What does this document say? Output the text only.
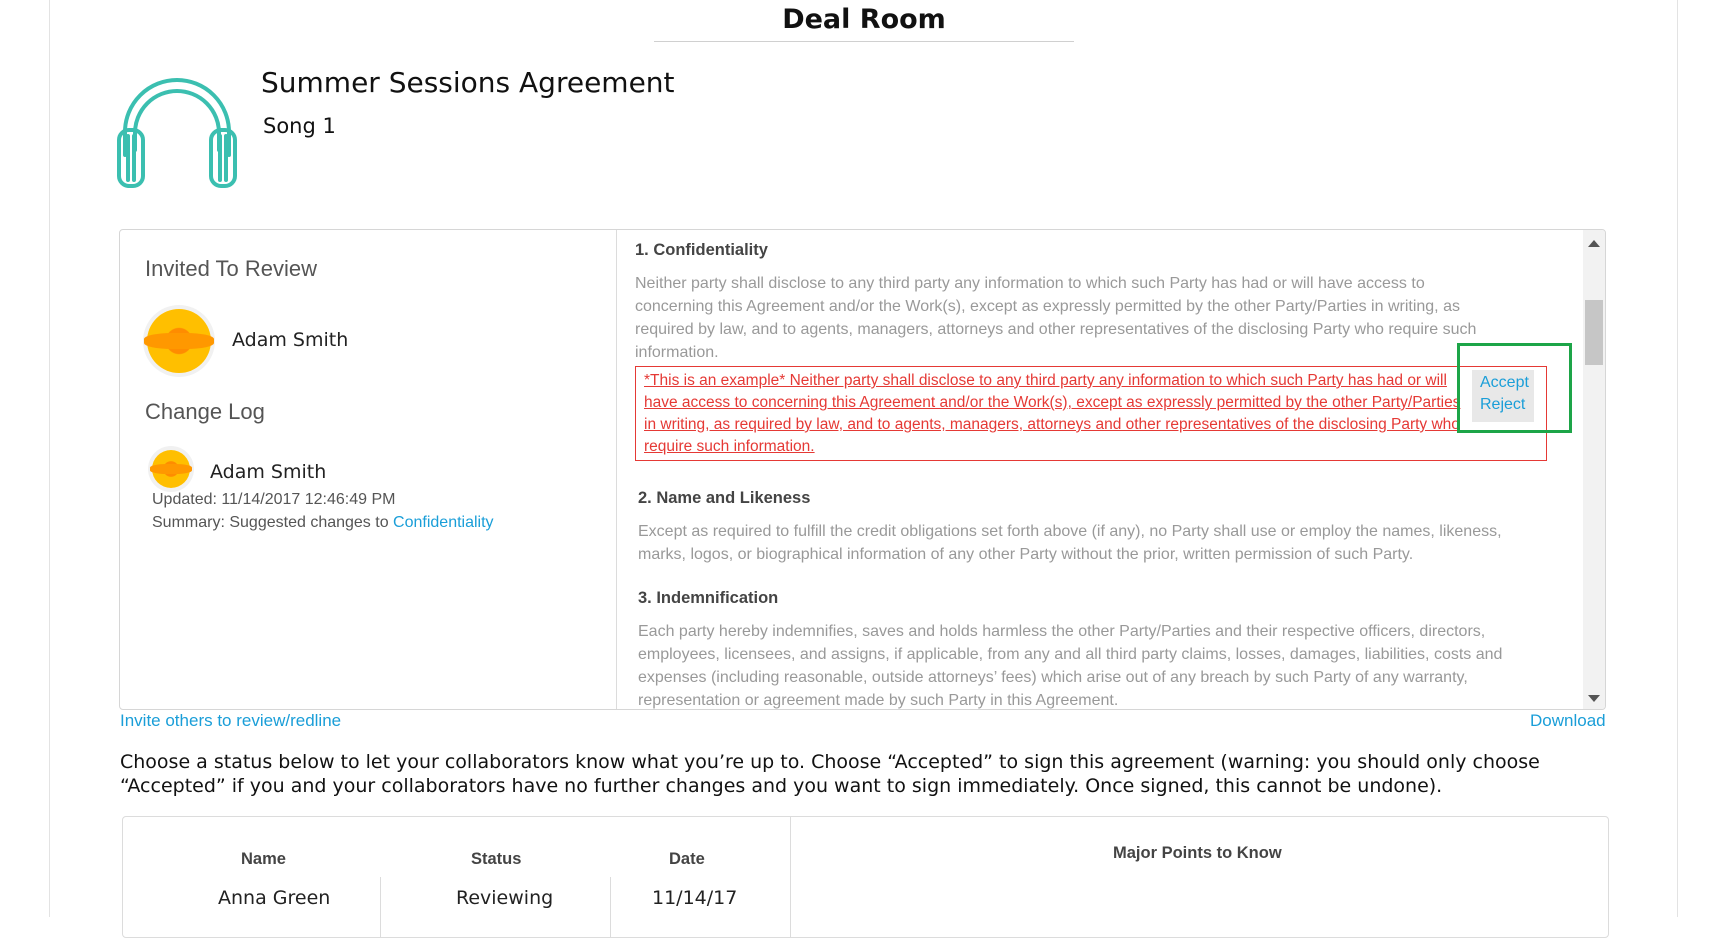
Deal Room
Summer Sessions Agreement
Song 1
Invited To Review
Adam Smith
Change Log
Adam Smith
Updated: 11/14/2017 12:46:49 PM
Summary: Suggested changes to Confidentiality
1. Confidentiality
Neither party shall disclose to any third party any information to which such Party has had or will have access to concerning this Agreement and/or the Work(s), except as expressly permitted by the other Party/Parties in writing, as required by law, and to agents, managers, attorneys and other representatives of the disclosing Party who require such information.
*This is an example* Neither party shall disclose to any third party any information to which such Party has had or will have access to concerning this Agreement and/or the Work(s), except as expressly permitted by the other Party/Parties in writing, as required by law, and to agents, managers, attorneys and other representatives of the disclosing Party who require such information.
Accept
Reject
2. Name and Likeness
Except as required to fulfill the credit obligations set forth above (if any), no Party shall use or employ the names, likeness, marks, logos, or biographical information of any other Party without the prior, written permission of such Party.
3. Indemnification
Each party hereby indemnifies, saves and holds harmless the other Party/Parties and their respective officers, directors, employees, licensees, and assigns, if applicable, from any and all third party claims, losses, damages, liabilities, costs and expenses (including reasonable, outside attorneys’ fees) which arise out of any breach by such Party of any warranty, representation or agreement made by such Party in this Agreement.
Invite others to review/redline	Download
Choose a status below to let your collaborators know what you’re up to. Choose “Accepted” to sign this agreement (warning: you should only choose “Accepted” if you and your collaborators have no further changes and you want to sign immediately. Once signed, this cannot be undone).
Name	Status	Date
Anna Green	Reviewing	11/14/17
Major Points to Know
